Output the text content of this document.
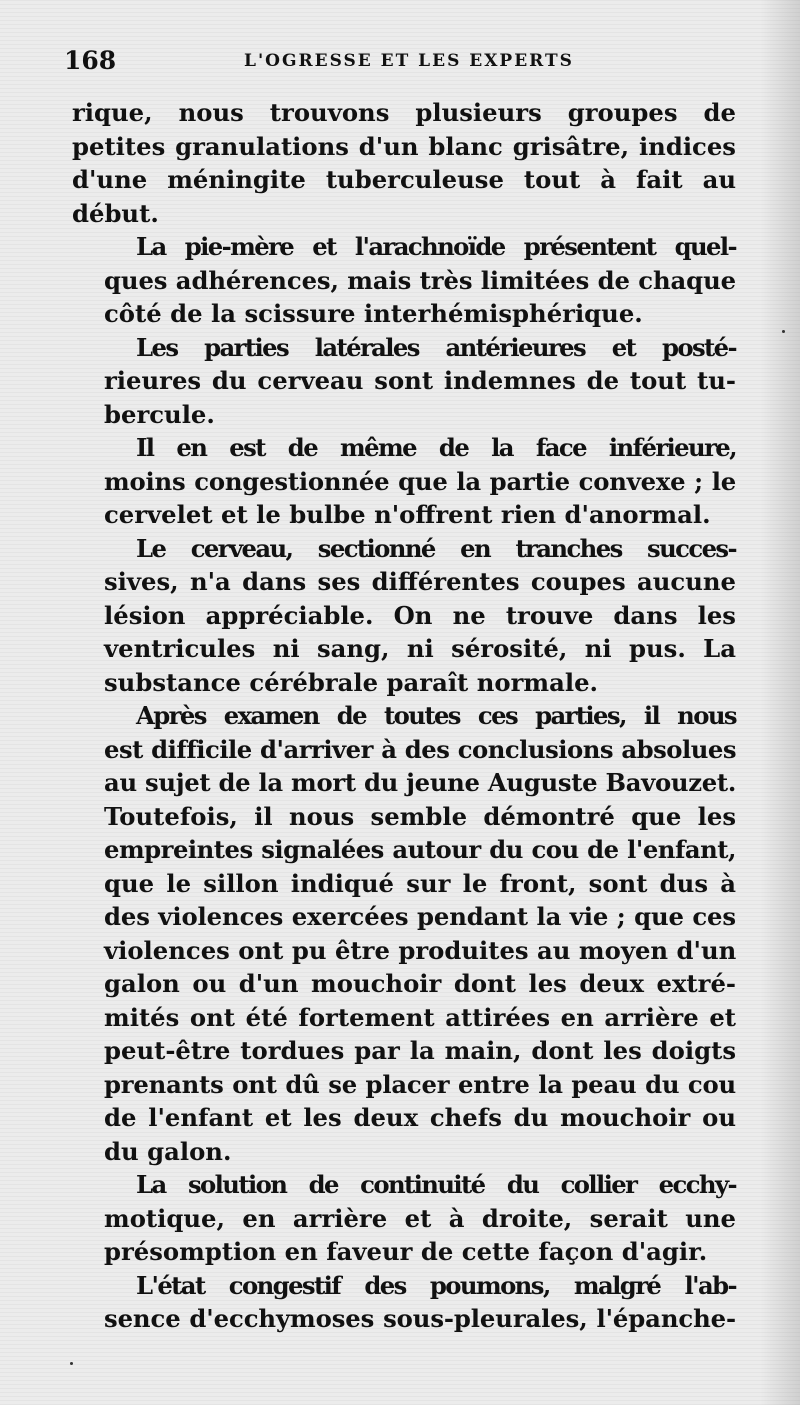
168	L'OGRESSE ET LES EXPERTS
rique, nous trouvons plusieurs groupes de
petites granulations d'un blanc grisâtre, indices
d'une méningite tuberculeuse tout à fait au
début.
La pie-mère et l'arachnoïde présentent quel-
ques adhérences, mais très limitées de chaque
côté de la scissure interhémisphérique.
Les parties latérales antérieures et posté-
rieures du cerveau sont indemnes de tout tu-
bercule.
Il en est de même de la face inférieure,
moins congestionnée que la partie convexe ; le
cervelet et le bulbe n'offrent rien d'anormal.
Le cerveau, sectionné en tranches succes-
sives, n'a dans ses différentes coupes aucune
lésion appréciable. On ne trouve dans les
ventricules ni sang, ni sérosité, ni pus. La
substance cérébrale paraît normale.
Après examen de toutes ces parties, il nous
est difficile d'arriver à des conclusions absolues
au sujet de la mort du jeune Auguste Bavouzet.
Toutefois, il nous semble démontré que les
empreintes signalées autour du cou de l'enfant,
que le sillon indiqué sur le front, sont dus à
des violences exercées pendant la vie ; que ces
violences ont pu être produites au moyen d'un
galon ou d'un mouchoir dont les deux extré-
mités ont été fortement attirées en arrière et
peut-être tordues par la main, dont les doigts
prenants ont dû se placer entre la peau du cou
de l'enfant et les deux chefs du mouchoir ou
du galon.
La solution de continuité du collier ecchy-
motique, en arrière et à droite, serait une
présomption en faveur de cette façon d'agir.
L'état congestif des poumons, malgré l'ab-
sence d'ecchymoses sous-pleurales, l'épanche-
